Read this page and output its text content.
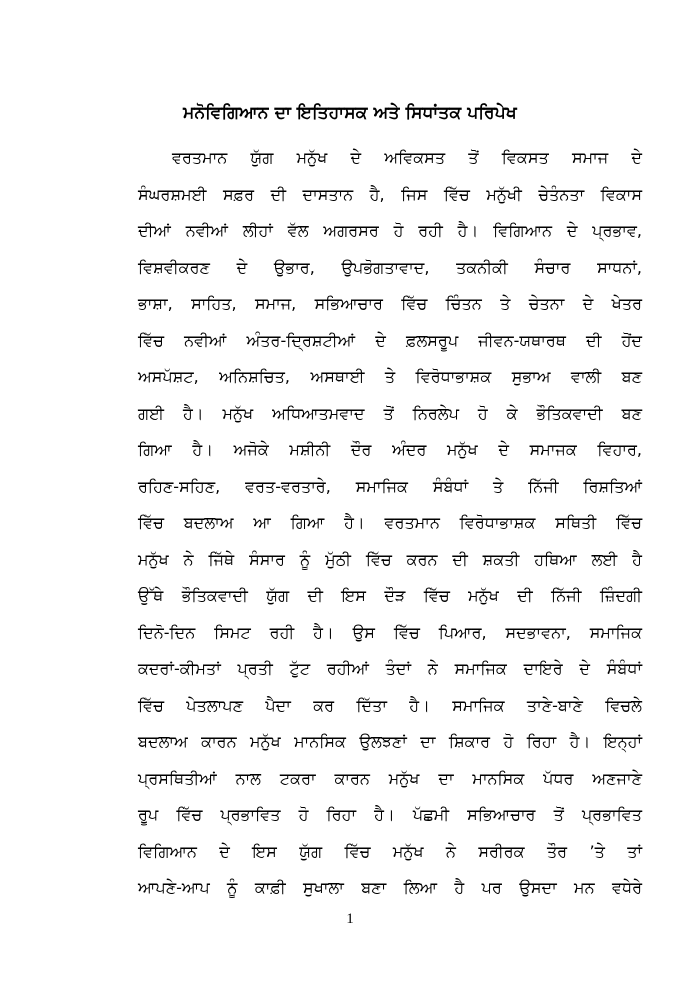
ਮਨੋਵਿਗਿਆਨ ਦਾ ਇਤਿਹਾਸਕ ਅਤੇ ਸਿਧਾਂਤਕ ਪਰਿਪੇਖ
ਵਰਤਮਾਨ ਯੁੱਗ ਮਨੁੱਖ ਦੇ ਅਵਿਕਸਤ ਤੋਂ ਵਿਕਸਤ ਸਮਾਜ ਦੇ
ਸੰਘਰਸ਼ਮਈ ਸਫ਼ਰ ਦੀ ਦਾਸਤਾਨ ਹੈ, ਜਿਸ ਵਿੱਚ ਮਨੁੱਖੀ ਚੇਤੰਨਤਾ ਵਿਕਾਸ
ਦੀਆਂ ਨਵੀਆਂ ਲੀਹਾਂ ਵੱਲ ਅਗਰਸਰ ਹੋ ਰਹੀ ਹੈ। ਵਿਗਿਆਨ ਦੇ ਪ੍ਰਭਾਵ,
ਵਿਸ਼ਵੀਕਰਣ ਦੇ ਉਭਾਰ, ਉਪਭੋਗਤਾਵਾਦ, ਤਕਨੀਕੀ ਸੰਚਾਰ ਸਾਧਨਾਂ,
ਭਾਸ਼ਾ, ਸਾਹਿਤ, ਸਮਾਜ, ਸਭਿਆਚਾਰ ਵਿੱਚ ਚਿੰਤਨ ਤੇ ਚੇਤਨਾ ਦੇ ਖੇਤਰ
ਵਿੱਚ ਨਵੀਆਂ ਅੰਤਰ-ਦ੍ਰਿਸ਼ਟੀਆਂ ਦੇ ਫ਼ਲਸਰੂਪ ਜੀਵਨ-ਯਥਾਰਥ ਦੀ ਹੋਂਦ
ਅਸਪੱਸ਼ਟ, ਅਨਿਸ਼ਚਿਤ, ਅਸਥਾਈ ਤੇ ਵਿਰੋਧਾਭਾਸ਼ਕ ਸੁਭਾਅ ਵਾਲੀ ਬਣ
ਗਈ ਹੈ। ਮਨੁੱਖ ਅਧਿਆਤਮਵਾਦ ਤੋਂ ਨਿਰਲੇਪ ਹੋ ਕੇ ਭੌਤਿਕਵਾਦੀ ਬਣ
ਗਿਆ ਹੈ। ਅਜੋਕੇ ਮਸ਼ੀਨੀ ਦੌਰ ਅੰਦਰ ਮਨੁੱਖ ਦੇ ਸਮਾਜਕ ਵਿਹਾਰ,
ਰਹਿਣ-ਸਹਿਣ, ਵਰਤ-ਵਰਤਾਰੇ, ਸਮਾਜਿਕ ਸੰਬੰਧਾਂ ਤੇ ਨਿੱਜੀ ਰਿਸ਼ਤਿਆਂ
ਵਿੱਚ ਬਦਲਾਅ ਆ ਗਿਆ ਹੈ। ਵਰਤਮਾਨ ਵਿਰੋਧਾਭਾਸ਼ਕ ਸਥਿਤੀ ਵਿੱਚ
ਮਨੁੱਖ ਨੇ ਜਿੱਥੇ ਸੰਸਾਰ ਨੂੰ ਮੁੱਠੀ ਵਿੱਚ ਕਰਨ ਦੀ ਸ਼ਕਤੀ ਹਥਿਆ ਲਈ ਹੈ
ਉੱਥੇ ਭੌਤਿਕਵਾਦੀ ਯੁੱਗ ਦੀ ਇਸ ਦੌੜ ਵਿੱਚ ਮਨੁੱਖ ਦੀ ਨਿੱਜੀ ਜ਼ਿੰਦਗੀ
ਦਿਨੋ-ਦਿਨ ਸਿਮਟ ਰਹੀ ਹੈ। ਉਸ ਵਿੱਚ ਪਿਆਰ, ਸਦਭਾਵਨਾ, ਸਮਾਜਿਕ
ਕਦਰਾਂ-ਕੀਮਤਾਂ ਪ੍ਰਤੀ ਟੁੱਟ ਰਹੀਆਂ ਤੰਦਾਂ ਨੇ ਸਮਾਜਿਕ ਦਾਇਰੇ ਦੇ ਸੰਬੰਧਾਂ
ਵਿੱਚ ਪੇਤਲਾਪਣ ਪੈਦਾ ਕਰ ਦਿੱਤਾ ਹੈ। ਸਮਾਜਿਕ ਤਾਣੇ-ਬਾਣੇ ਵਿਚਲੇ
ਬਦਲਾਅ ਕਾਰਨ ਮਨੁੱਖ ਮਾਨਸਿਕ ਉਲਝਣਾਂ ਦਾ ਸ਼ਿਕਾਰ ਹੋ ਰਿਹਾ ਹੈ। ਇਨ੍ਹਾਂ
ਪ੍ਰਸਥਿਤੀਆਂ ਨਾਲ ਟਕਰਾ ਕਾਰਨ ਮਨੁੱਖ ਦਾ ਮਾਨਸਿਕ ਪੱਧਰ ਅਣਜਾਣੇ
ਰੂਪ ਵਿੱਚ ਪ੍ਰਭਾਵਿਤ ਹੋ ਰਿਹਾ ਹੈ। ਪੱਛਮੀ ਸਭਿਆਚਾਰ ਤੋਂ ਪ੍ਰਭਾਵਿਤ
ਵਿਗਿਆਨ ਦੇ ਇਸ ਯੁੱਗ ਵਿੱਚ ਮਨੁੱਖ ਨੇ ਸਰੀਰਕ ਤੌਰ ’ਤੇ ਤਾਂ
ਆਪਣੇ-ਆਪ ਨੂੰ ਕਾਫ਼ੀ ਸੁਖਾਲਾ ਬਣਾ ਲਿਆ ਹੈ ਪਰ ਉਸਦਾ ਮਨ ਵਧੇਰੇ
1
